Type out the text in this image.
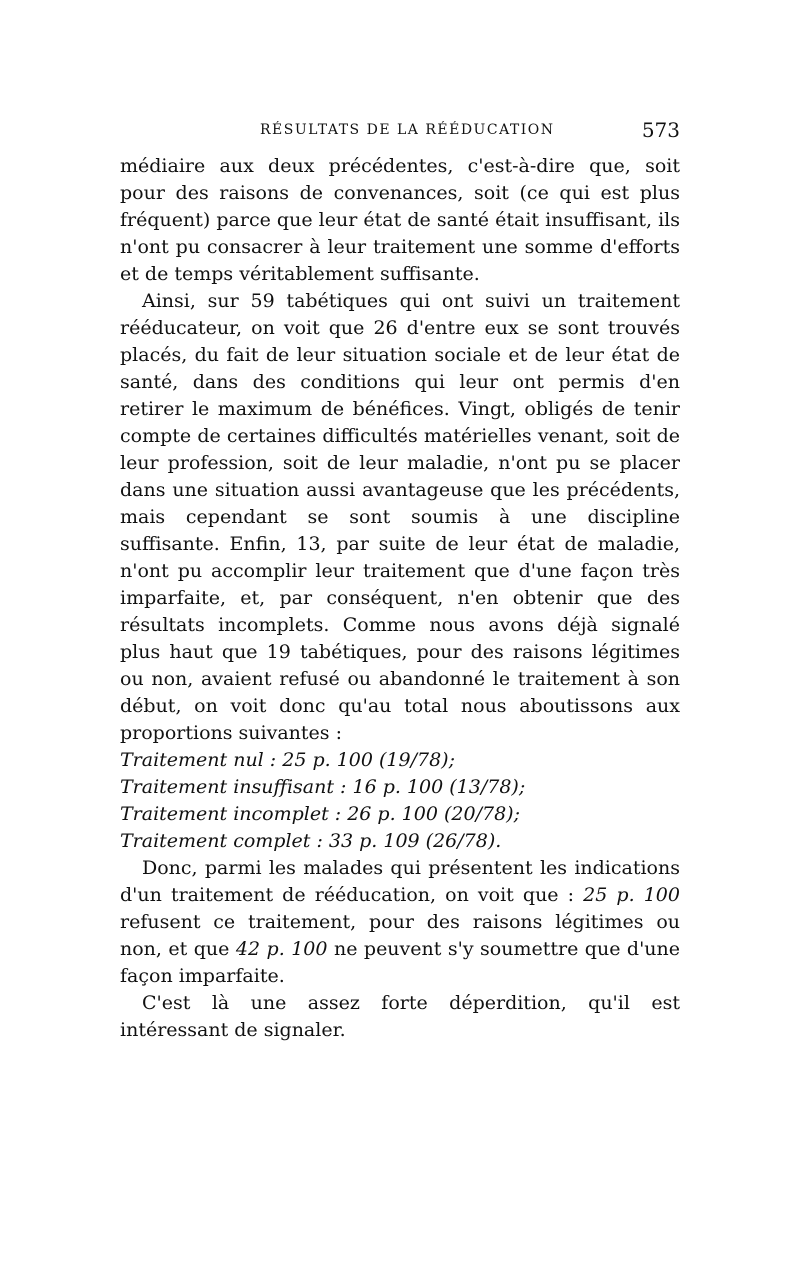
RÉSULTATS DE LA RÉÉDUCATION	573

médiaire aux deux précédentes, c'est-à-dire que, soit pour des raisons de convenances, soit (ce qui est plus fréquent) parce que leur état de santé était insuffisant, ils n'ont pu consacrer à leur traitement une somme d'efforts et de temps véritablement suffisante.

Ainsi, sur 59 tabétiques qui ont suivi un traitement rééducateur, on voit que 26 d'entre eux se sont trouvés placés, du fait de leur situation sociale et de leur état de santé, dans des conditions qui leur ont permis d'en retirer le maximum de bénéfices. Vingt, obligés de tenir compte de certaines difficultés matérielles venant, soit de leur profession, soit de leur maladie, n'ont pu se placer dans une situation aussi avantageuse que les précédents, mais cependant se sont soumis à une discipline suffisante. Enfin, 13, par suite de leur état de maladie, n'ont pu accomplir leur traitement que d'une façon très imparfaite, et, par conséquent, n'en obtenir que des résultats incomplets. Comme nous avons déjà signalé plus haut que 19 tabétiques, pour des raisons légitimes ou non, avaient refusé ou abandonné le traitement à son début, on voit donc qu'au total nous aboutissons aux proportions suivantes :

Traitement nul : 25 p. 100 (19/78);
Traitement insuffisant : 16 p. 100 (13/78);
Traitement incomplet : 26 p. 100 (20/78);
Traitement complet : 33 p. 109 (26/78).

Donc, parmi les malades qui présentent les indications d'un traitement de rééducation, on voit que : 25 p. 100 refusent ce traitement, pour des raisons légitimes ou non, et que 42 p. 100 ne peuvent s'y soumettre que d'une façon imparfaite.

C'est là une assez forte déperdition, qu'il est intéressant de signaler.
